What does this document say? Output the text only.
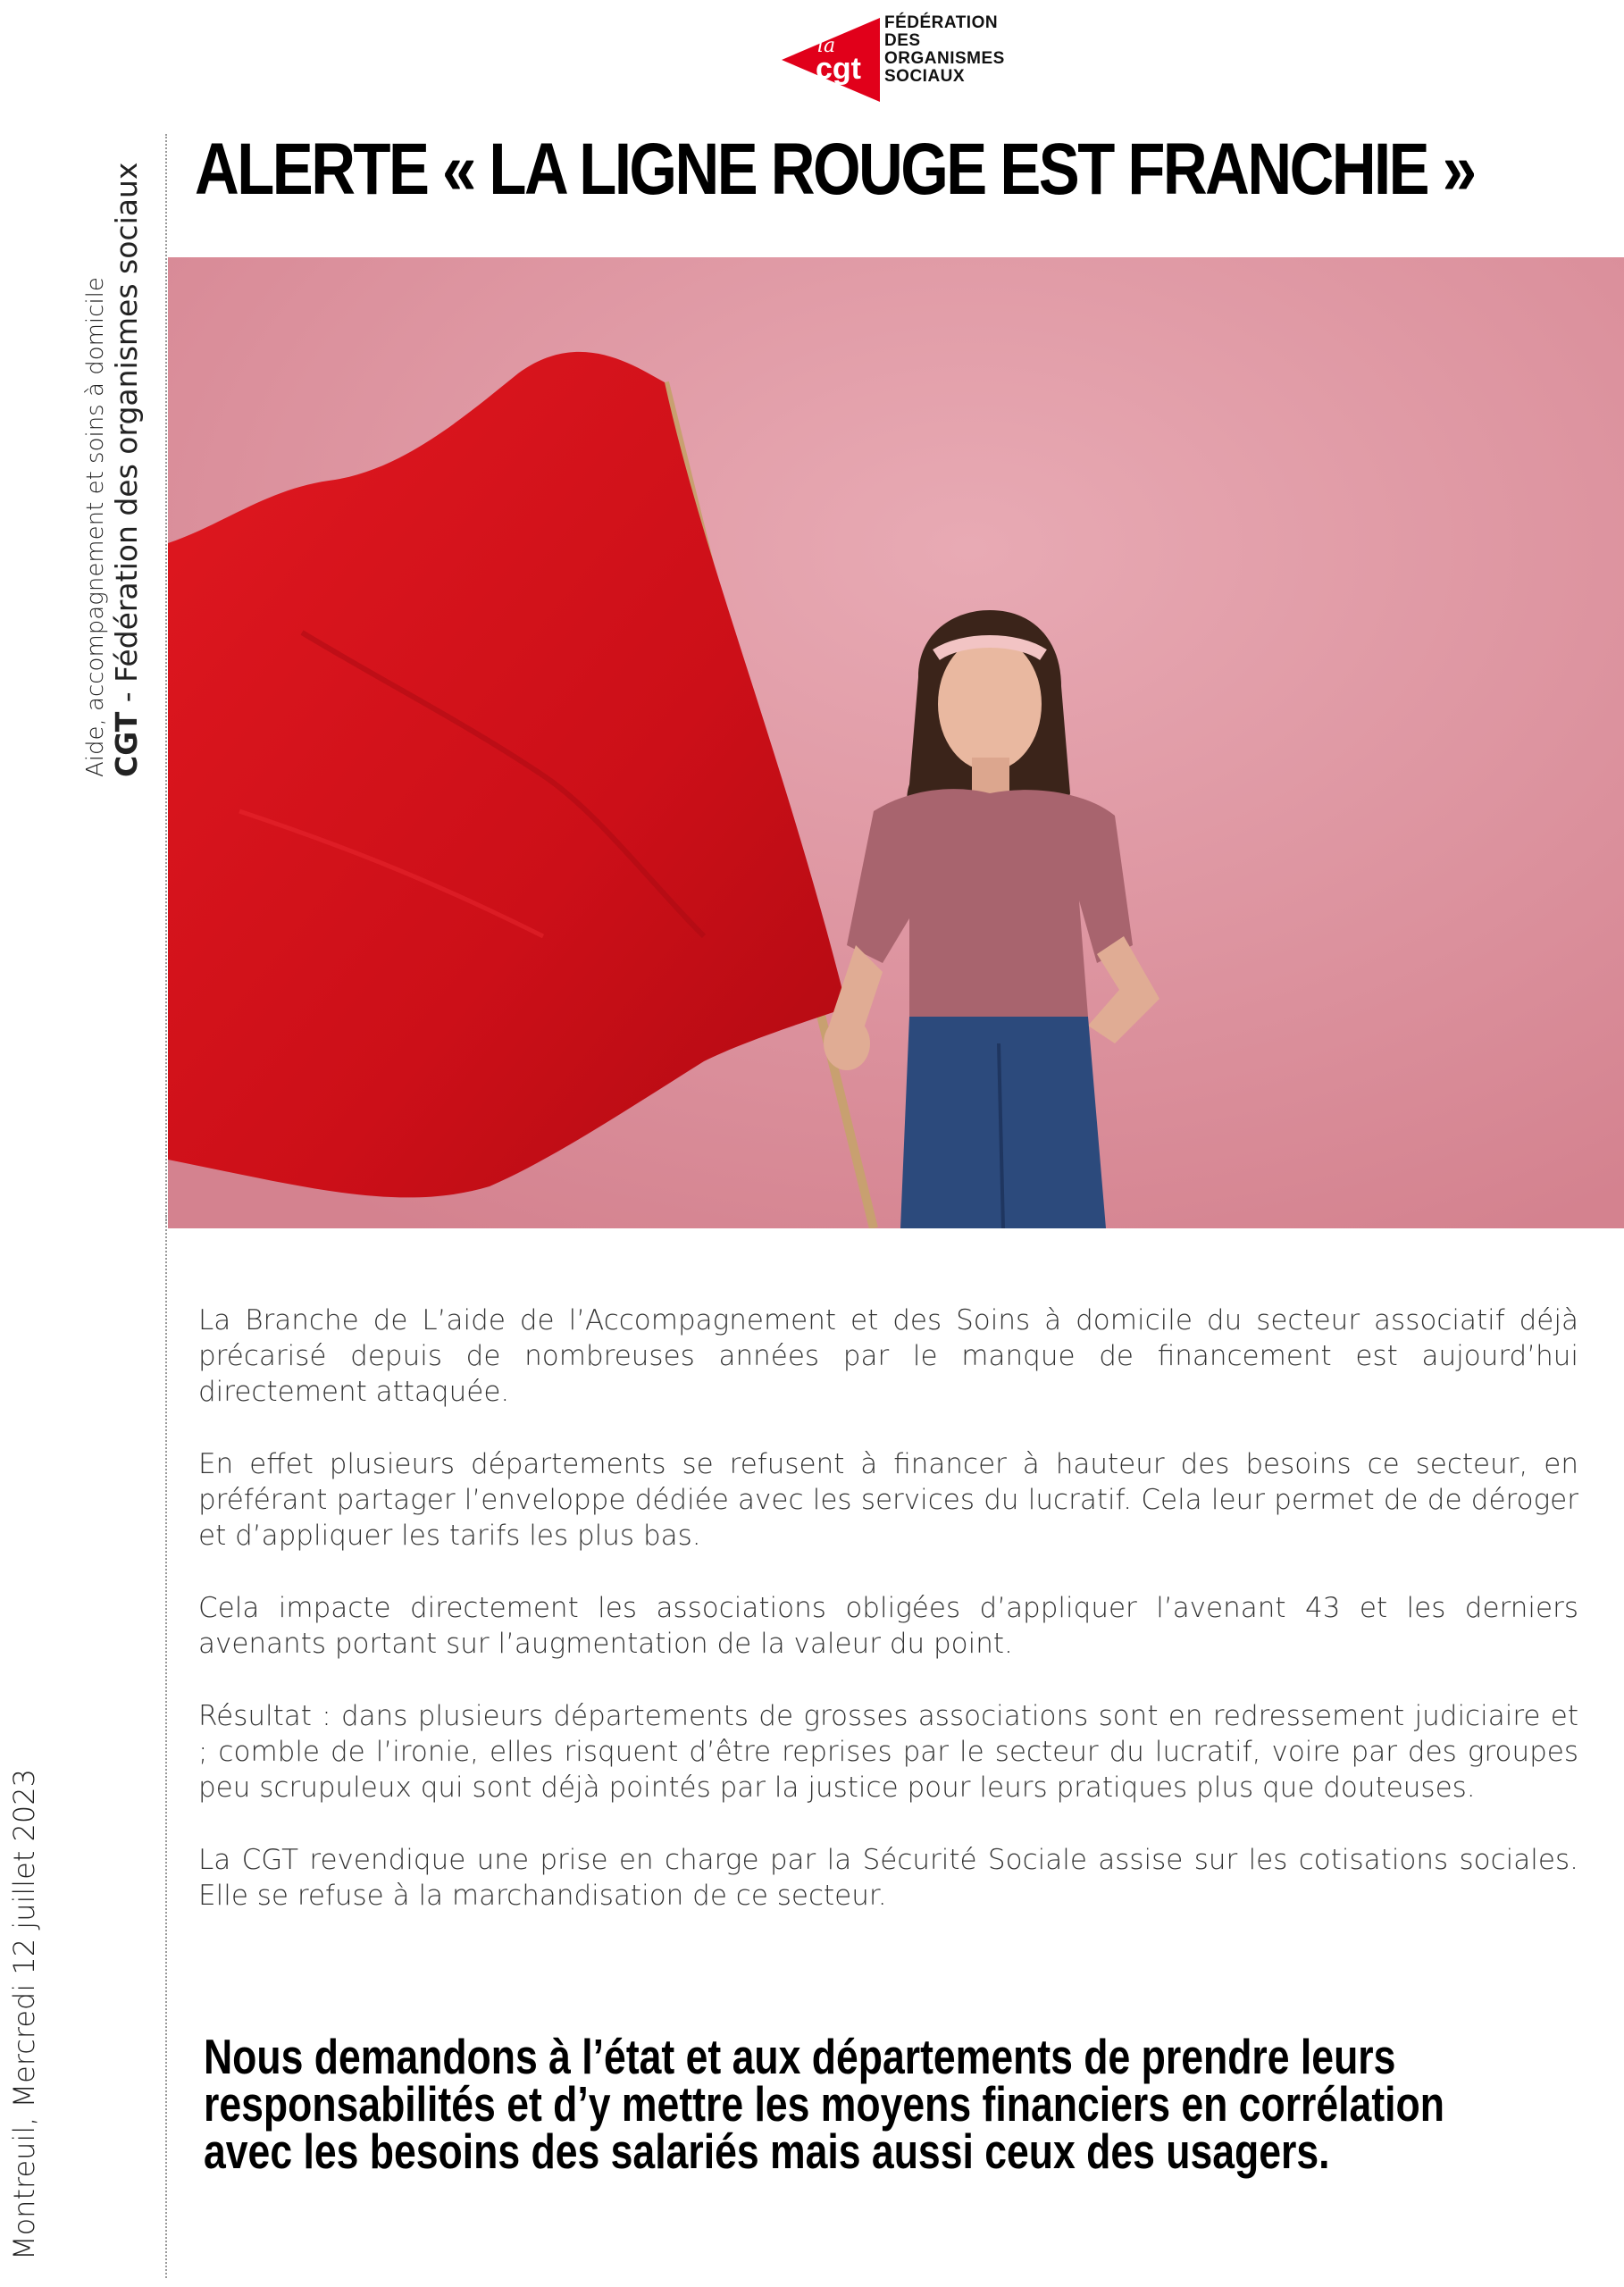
la
cgt
FÉDÉRATION
DES
ORGANISMES
SOCIAUX
Aide, accompagnement et soins à domicile CGT - Fédération des organismes sociaux
Montreuil, Mercredi 12 juillet 2023
ALERTE « LA LIGNE ROUGE EST FRANCHIE »

La Branche de L’aide de l’Accompagnement et des Soins à domicile du secteur associatif déjà précarisé depuis de nombreuses années par le manque de financement est aujourd’hui directement attaquée.

En effet plusieurs départements se refusent à financer à hauteur des besoins ce secteur, en préférant partager l’enveloppe dédiée avec les services du lucratif. Cela leur permet de de déroger et d’appliquer les tarifs les plus bas.

Cela impacte directement les associations obligées d’appliquer l’avenant 43 et les derniers avenants portant sur l’augmentation de la valeur du point.

Résultat : dans plusieurs départements de grosses associations sont en redressement judiciaire et ; comble de l’ironie, elles risquent d’être reprises par le secteur du lucratif, voire par des groupes peu scrupuleux qui sont déjà pointés par la justice pour leurs pratiques plus que douteuses.

La CGT revendique une prise en charge par la Sécurité Sociale assise sur les cotisations sociales. Elle se refuse à la marchandisation de ce secteur.

Nous demandons à l’état et aux départements de prendre leurs
responsabilités et d’y mettre les moyens financiers en corrélation
avec les besoins des salariés mais aussi ceux des usagers.
